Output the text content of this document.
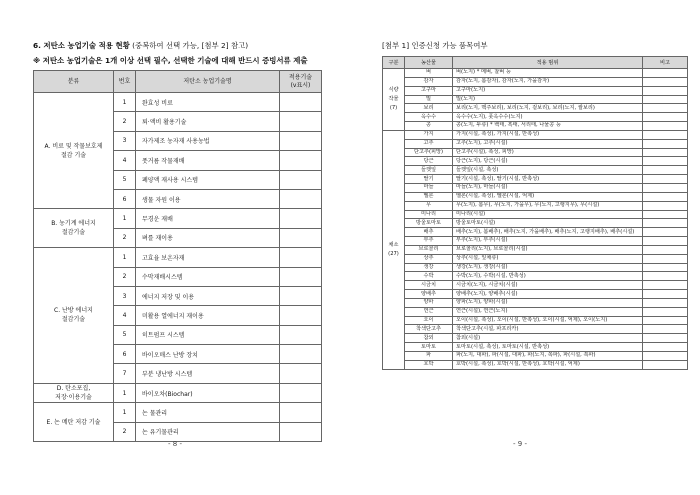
6. 저탄소 농업기술 적용 현황 (중복하여 선택 가능, [첨부 2] 참고)
※ 저탄소 농업기술은 1개 이상 선택 필수, 선택한 기술에 대해 반드시 증빙서류 제출
분류	번호	저탄소 농업기술명	적용기술
(v표시)
A. 비료 및 작물보호제
절감 기술	1	완효성 비료	
	2	퇴·액비 활용기술	
	3	자가제조 농자재 사용농법	
	4	풋거름 작물재배	
	5	폐양액 재사용 시스템	
	6	생물 자원 이용	
B. 농기계 에너지
절감기술	1	무경운 재배	
	2	벼를 재이용	
C. 난방 에너지
절감기술	1	고효율 보온자재	
	2	수막재배시스템	
	3	에너지 저장 및 이용	
	4	미활용 열에너지 재이용	
	5	히트펌프 시스템	
	6	바이오매스 난방 장치	
	7	부분 냉난방 시스템	
D. 탄소포집,
저장·이용기술	1	바이오차(Biochar)	
E. 논 메탄 저감 기술	1	논 물관리	
	2	논 유기물관리	
- 8 -
[첨부 1] 인증신청 가능 품목여부
구분	농산물	적용 범위	비고
식량
작물
(7)	벼	벼(노지) * 메벼, 찰벼 등	
	감자	감자(노지, 봄감자), 감자(노지, 가을감자)	
	고구마	고구마(노지)	
	밀	밀(노지)	
	보리	보리(노지, 맥주보리), 보리(노지, 겉보리), 보리(노지, 쌀보리)	
	옥수수	옥수수(노지), 풋옥수수(노지)	
	콩	콩(노지, 두류) * 백태, 흑태, 서리태, 나물콩 등	
채소
(27)	가지	가지(시설, 촉성), 가지(시설, 반촉성)	
	고추	고추(노지), 고추(시설)	
	단고추(피망)	단고추(시설), 촉성, 피망)	
	당근	당근(노지), 당근(시설)	
	들깻잎	들깻잎(시설, 촉성)	
	딸기	딸기(시설, 촉성), 딸기(시설, 반촉성)	
	마늘	마늘(노지), 마늘(시설)	
	멜론	멜론(시설, 촉성), 멜론(시설, 억제)	
	무	무(노지), 봄무), 무(노지, 가을무), 무(노지, 고랭지무), 무(시설)	
	미나리	미나리(시설)	
	방울토마토	방울토마토(시설)	
	배추	배추(노지), 봄배추), 배추(노지, 가을배추), 배추(노지, 고랭지배추), 배추(시설)	
	부추	부추(노지), 부추(시설)	
	브로콜리	브로콜리(노지), 브로콜리(시설)	
	상추	상추(시설, 잎채류)	
	생강	생강(노지), 생강(시설)	
	수박	수박(노지), 수박(시설, 반촉성)	
	시금치	시금치(노지), 시금치(시설)	
	양배추	양배추(노지), 양배추(시설)	
	양파	양파(노지), 양파(시설)	
	연근	연근(시설), 연근(노지)	
	오이	오이(시설, 촉성), 오이(시설, 반촉성), 오이(시설, 억제), 오이(노지)	
	착색단고추	착색단고추(시설, 파프리카)	
	참외	참외(시설)	
	토마토	토마토(시설, 촉성), 토마토(시설, 반촉성)	
	파	파(노지, 대파), 파(시설, 대파), 파(노지, 쪽파), 파(시설, 쪽파)	
	호박	호박(시설, 촉성), 호박(시설, 반촉성), 호박(시설, 억제)	
- 9 -
